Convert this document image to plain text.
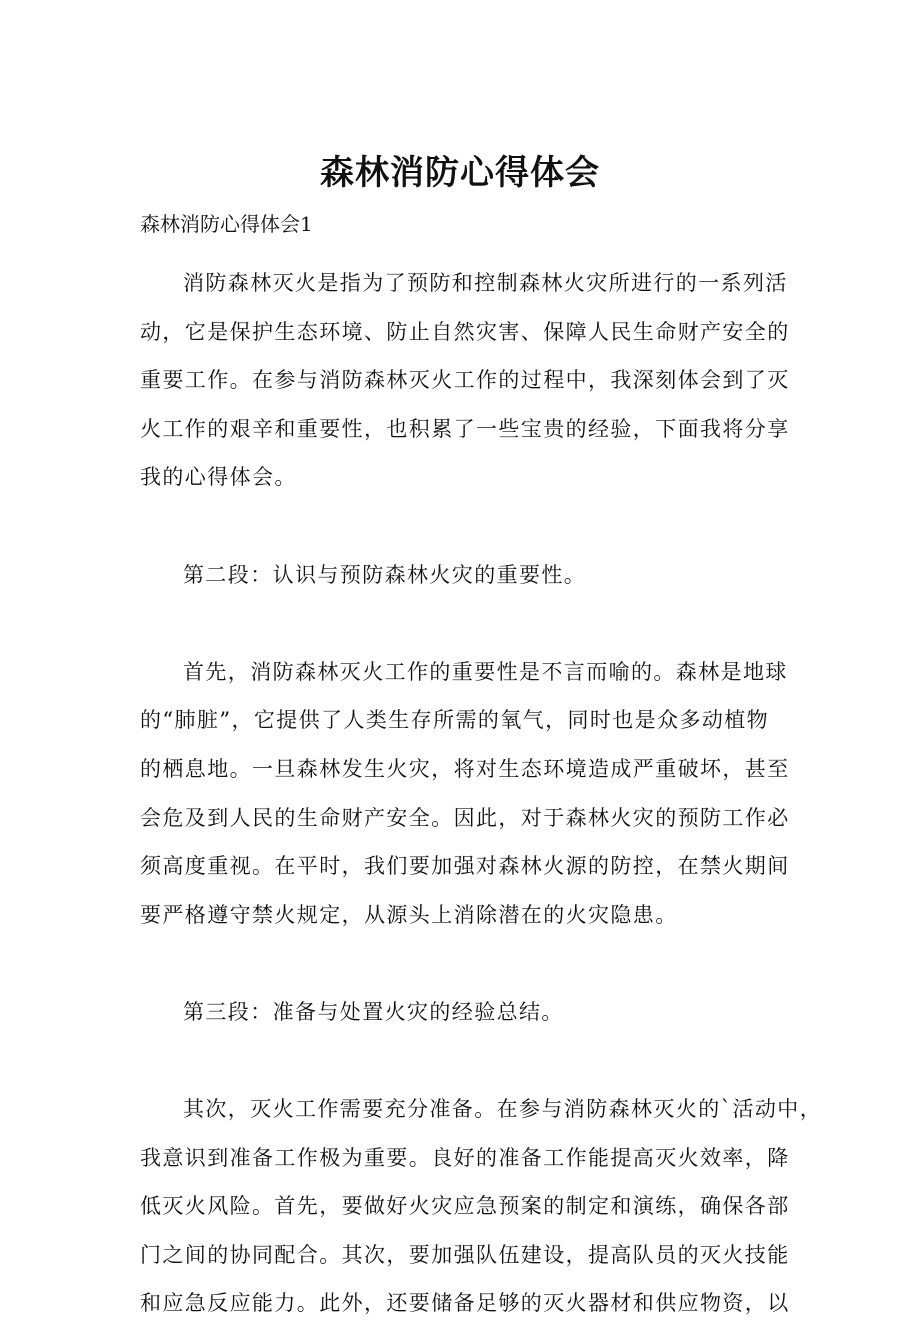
森林消防心得体会
森林消防心得体会1
消防森林灭火是指为了预防和控制森林火灾所进行的一系列活
动，它是保护生态环境、防止自然灾害、保障人民生命财产安全的
重要工作。在参与消防森林灭火工作的过程中，我深刻体会到了灭
火工作的艰辛和重要性，也积累了一些宝贵的经验，下面我将分享
我的心得体会。
第二段：认识与预防森林火灾的重要性。
首先，消防森林灭火工作的重要性是不言而喻的。森林是地球
的“肺脏”，它提供了人类生存所需的氧气，同时也是众多动植物
的栖息地。一旦森林发生火灾，将对生态环境造成严重破坏，甚至
会危及到人民的生命财产安全。因此，对于森林火灾的预防工作必
须高度重视。在平时，我们要加强对森林火源的防控，在禁火期间
要严格遵守禁火规定，从源头上消除潜在的火灾隐患。
第三段：准备与处置火灾的经验总结。
其次，灭火工作需要充分准备。在参与消防森林灭火的`活动中，
我意识到准备工作极为重要。良好的准备工作能提高灭火效率，降
低灭火风险。首先，要做好火灾应急预案的制定和演练，确保各部
门之间的协同配合。其次，要加强队伍建设，提高队员的灭火技能
和应急反应能力。此外，还要储备足够的灭火器材和供应物资，以
